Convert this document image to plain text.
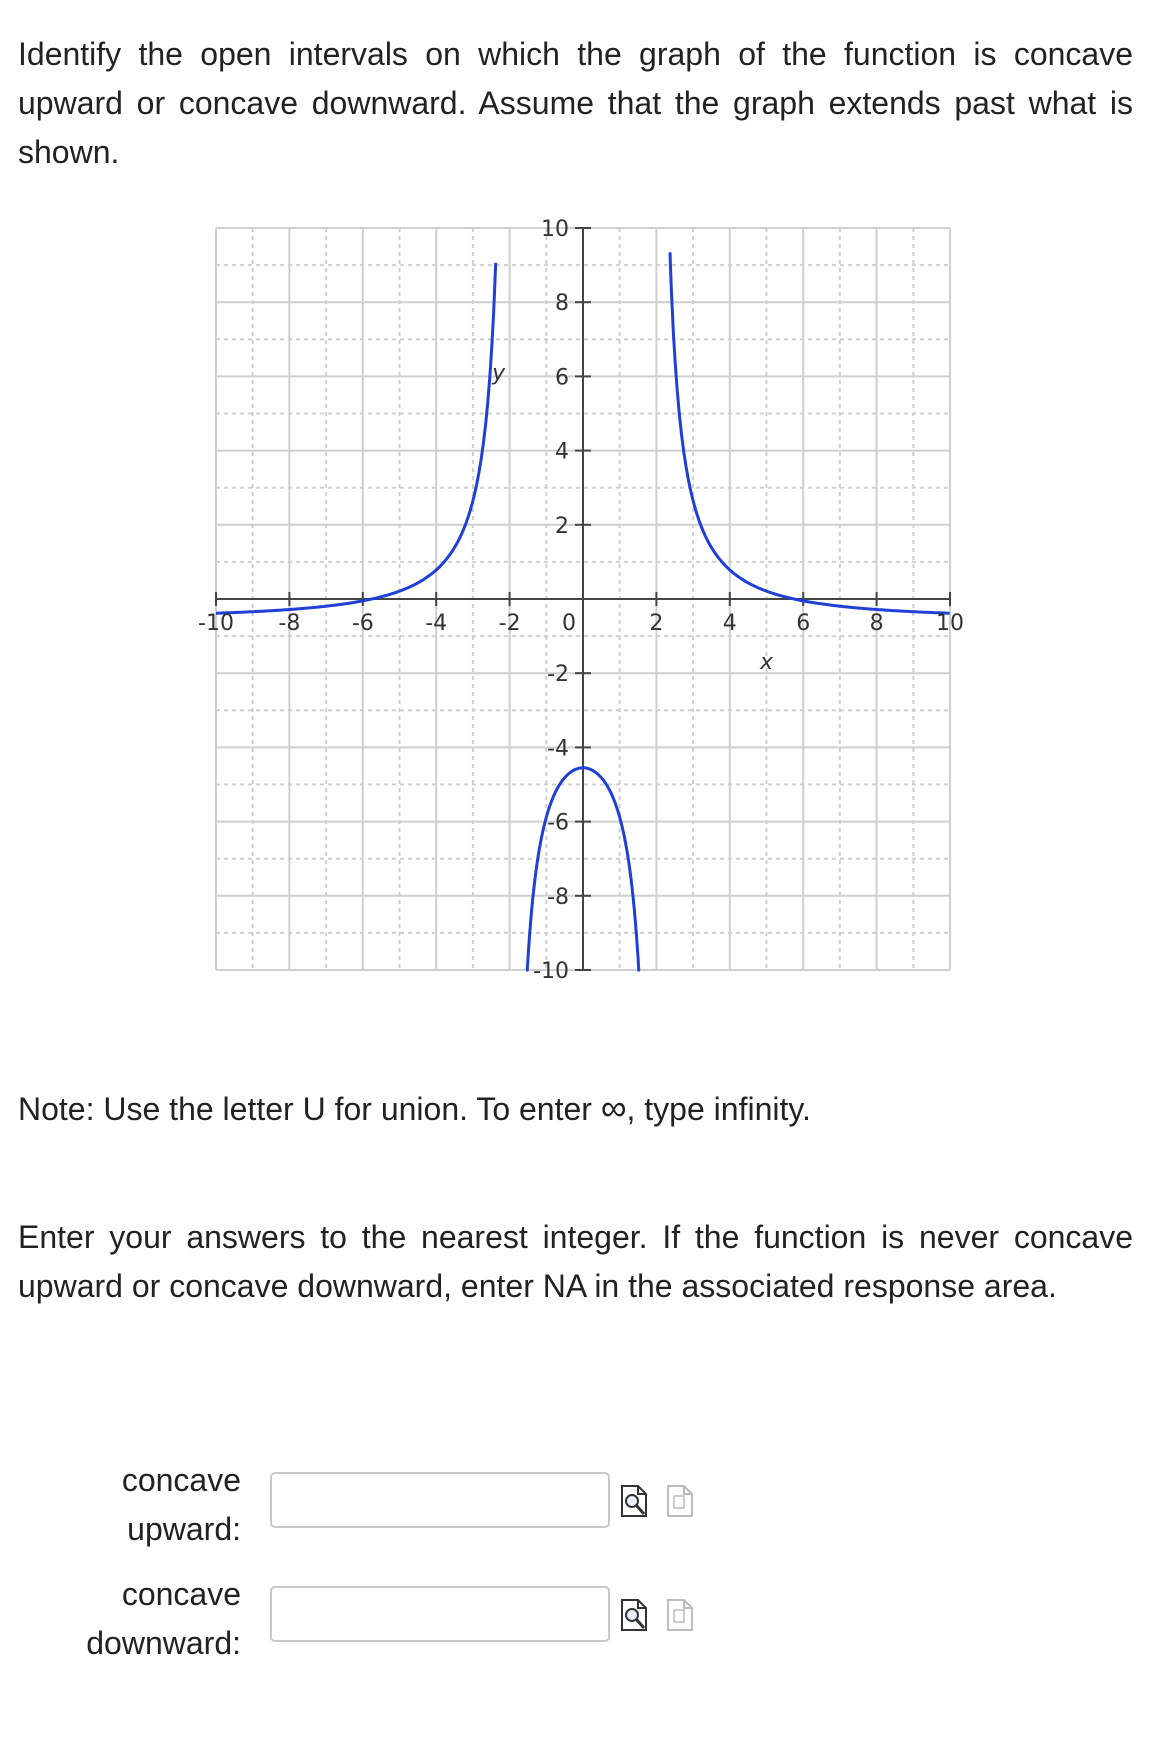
Identify the open intervals on which the graph of the function is concave upward or concave downward. Assume that the graph extends past what is shown.
-10 -8 -6 -4 -2 0	2	4	6	8 10
10
8
6
4
2
-2
-4
-6
-8
-10
x
y
Note: Use the letter U for union. To enter ∞, type infinity.
Enter your answers to the nearest integer. If the function is never concave upward or concave downward, enter NA in the associated response area.
concave
upward:
concave
downward:
